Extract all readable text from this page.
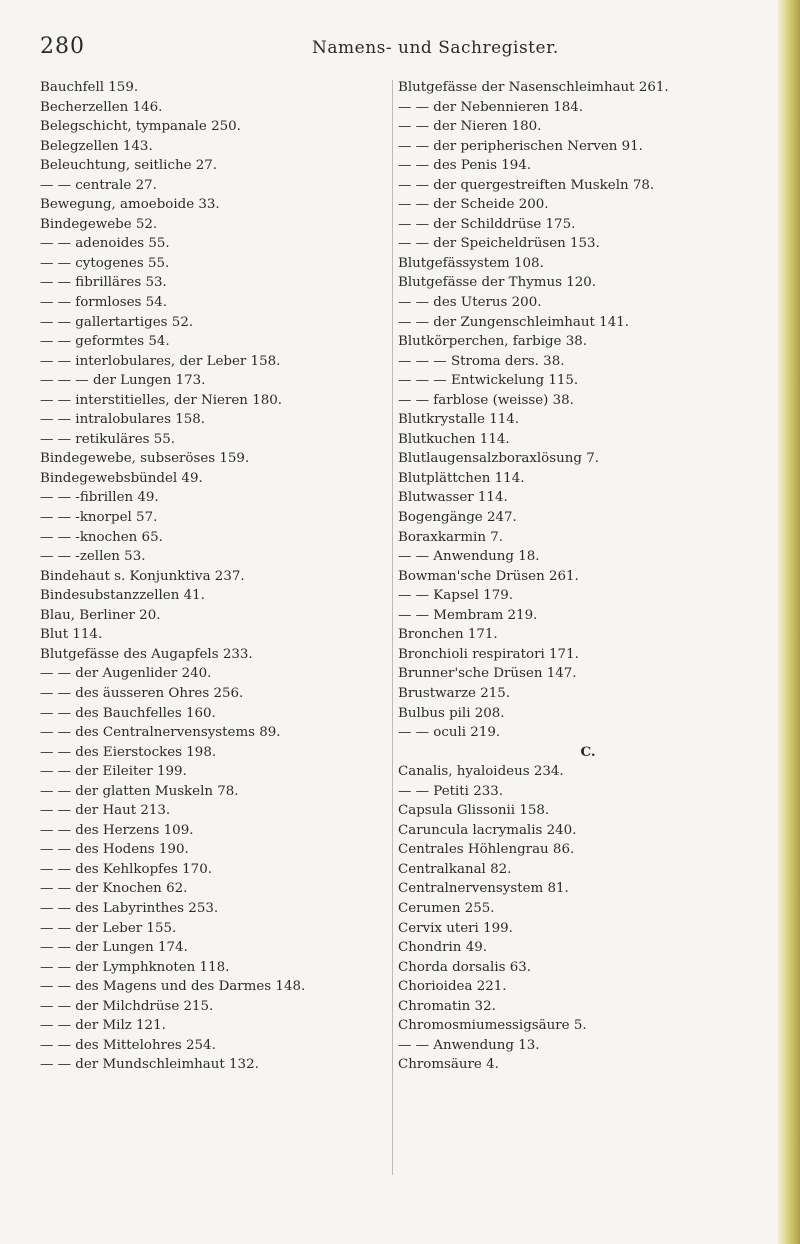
280	Namens- und Sachregister.
Bauchfell 159.
Becherzellen 146.
Belegschicht, tympanale 250.
Belegzellen 143.
Beleuchtung, seitliche 27.
— — centrale 27.
Bewegung, amoeboide 33.
Bindegewebe 52.
— — adenoides 55.
— — cytogenes 55.
— — fibrilläres 53.
— — formloses 54.
— — gallertartiges 52.
— — geformtes 54.
— — interlobulares, der Leber 158.
— — — der Lungen 173.
— — interstitielles, der Nieren 180.
— — intralobulares 158.
— — retikuläres 55.
Bindegewebe, subseröses 159.
Bindegewebsbündel 49.
— — -fibrillen 49.
— — -knorpel 57.
— — -knochen 65.
— — -zellen 53.
Bindehaut s. Konjunktiva 237.
Bindesubstanzzellen 41.
Blau, Berliner 20.
Blut 114.
Blutgefässe des Augapfels 233.
— — der Augenlider 240.
— — des äusseren Ohres 256.
— — des Bauchfelles 160.
— — des Centralnervensystems 89.
— — des Eierstockes 198.
— — der Eileiter 199.
— — der glatten Muskeln 78.
— — der Haut 213.
— — des Herzens 109.
— — des Hodens 190.
— — des Kehlkopfes 170.
— — der Knochen 62.
— — des Labyrinthes 253.
— — der Leber 155.
— — der Lungen 174.
— — der Lymphknoten 118.
— — des Magens und des Darmes 148.
— — der Milchdrüse 215.
— — der Milz 121.
— — des Mittelohres 254.
— — der Mundschleimhaut 132.
Blutgefässe der Nasenschleimhaut 261.
— — der Nebennieren 184.
— — der Nieren 180.
— — der peripherischen Nerven 91.
— — des Penis 194.
— — der quergestreiften Muskeln 78.
— — der Scheide 200.
— — der Schilddrüse 175.
— — der Speicheldrüsen 153.
Blutgefässystem 108.
Blutgefässe der Thymus 120.
— — des Uterus 200.
— — der Zungenschleimhaut 141.
Blutkörperchen, farbige 38.
— — — Stroma ders. 38.
— — — Entwickelung 115.
— — farblose (weisse) 38.
Blutkrystalle 114.
Blutkuchen 114.
Blutlaugensalzboraxlösung 7.
Blutplättchen 114.
Blutwasser 114.
Bogengänge 247.
Boraxkarmin 7.
— — Anwendung 18.
Bowman'sche Drüsen 261.
— — Kapsel 179.
— — Membram 219.
Bronchen 171.
Bronchioli respiratori 171.
Brunner'sche Drüsen 147.
Brustwarze 215.
Bulbus pili 208.
— — oculi 219.
C.
Canalis, hyaloideus 234.
— — Petiti 233.
Capsula Glissonii 158.
Caruncula lacrymalis 240.
Centrales Höhlengrau 86.
Centralkanal 82.
Centralnervensystem 81.
Cerumen 255.
Cervix uteri 199.
Chondrin 49.
Chorda dorsalis 63.
Chorioidea 221.
Chromatin 32.
Chromosmiumessigsäure 5.
— — Anwendung 13.
Chromsäure 4.
